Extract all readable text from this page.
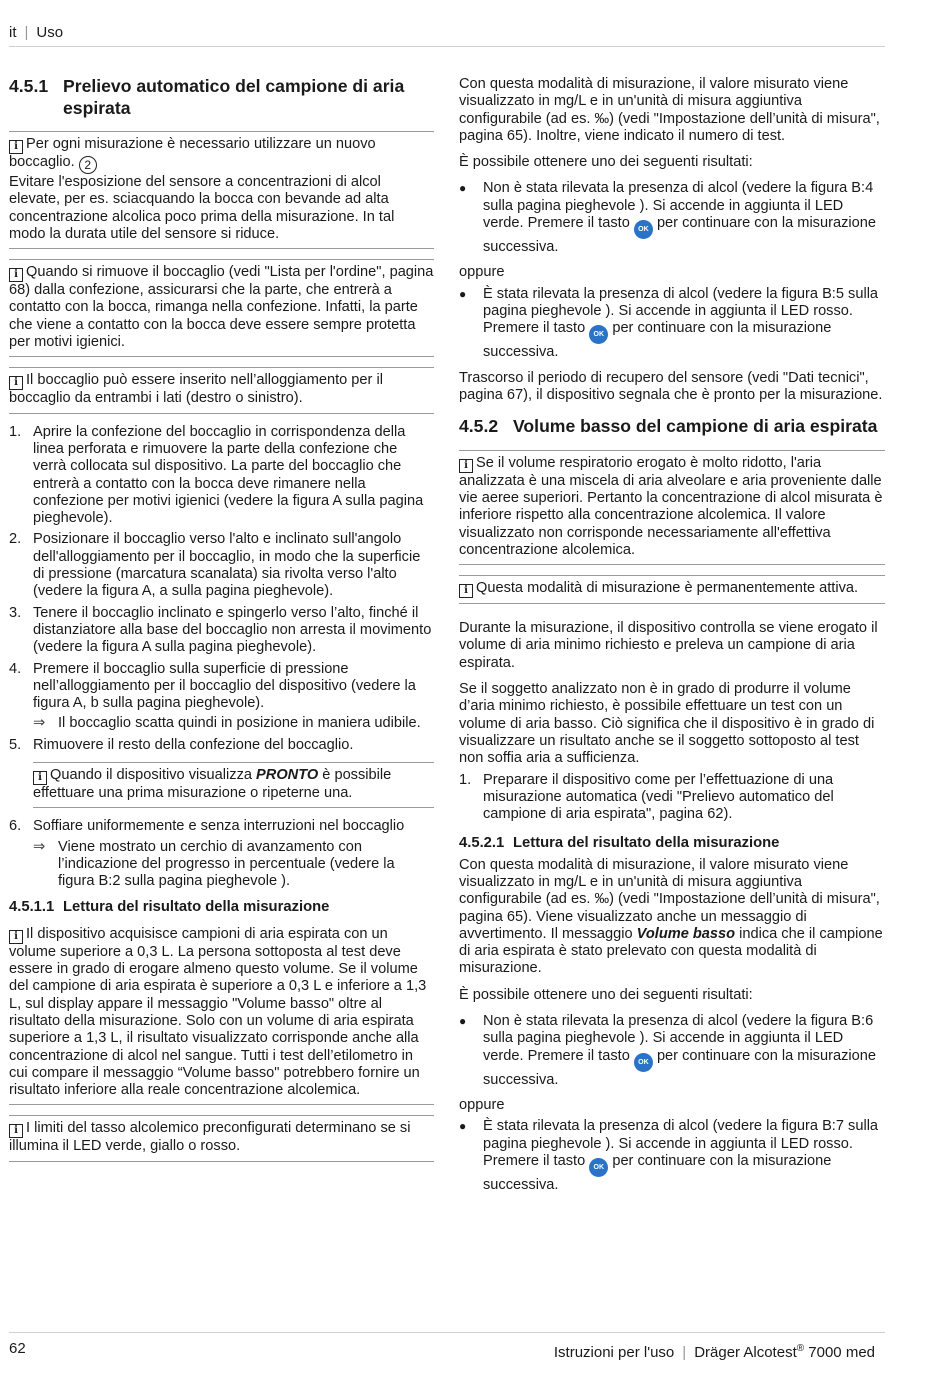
it | Uso
4.5.1 Prelievo automatico del campione di aria espirata
i Per ogni misurazione è necessario utilizzare un nuovo boccaglio. 2
Evitare l'esposizione del sensore a concentrazioni di alcol elevate, per es. sciacquando la bocca con bevande ad alta concentrazione alcolica poco prima della misurazione. In tal modo la durata utile del sensore si riduce.
i Quando si rimuove il boccaglio (vedi "Lista per l'ordine", pagina 68) dalla confezione, assicurarsi che la parte, che entrerà a contatto con la bocca, rimanga nella confezione. Infatti, la parte che viene a contatto con la bocca deve essere sempre protetta per motivi igienici.
i Il boccaglio può essere inserito nell’alloggiamento per il boccaglio da entrambi i lati (destro o sinistro).
1. Aprire la confezione del boccaglio in corrispondenza della linea perforata e rimuovere la parte della confezione che verrà collocata sul dispositivo. La parte del boccaglio che entrerà a contatto con la bocca deve rimanere nella confezione per motivi igienici (vedere la figura A sulla pagina pieghevole).
2. Posizionare il boccaglio verso l'alto e inclinato sull'angolo dell'alloggiamento per il boccaglio, in modo che la superficie di pressione (marcatura scanalata) sia rivolta verso l'alto (vedere la figura A, a sulla pagina pieghevole).
3. Tenere il boccaglio inclinato e spingerlo verso l’alto, finché il distanziatore alla base del boccaglio non arresta il movimento (vedere la figura A sulla pagina pieghevole).
4. Premere il boccaglio sulla superficie di pressione nell’alloggiamento per il boccaglio del dispositivo (vedere la figura A, b sulla pagina pieghevole).
⇒ Il boccaglio scatta quindi in posizione in maniera udibile.
5. Rimuovere il resto della confezione del boccaglio.
i Quando il dispositivo visualizza PRONTO è possibile effettuare una prima misurazione o ripeterne una.
6. Soffiare uniformemente e senza interruzioni nel boccaglio
⇒ Viene mostrato un cerchio di avanzamento con l’indicazione del progresso in percentuale (vedere la figura B:2 sulla pagina pieghevole ).
4.5.1.1 Lettura del risultato della misurazione
i Il dispositivo acquisisce campioni di aria espirata con un volume superiore a 0,3 L. La persona sottoposta al test deve essere in grado di erogare almeno questo volume. Se il volume del campione di aria espirata è superiore a 0,3 L e inferiore a 1,3 L, sul display appare il messaggio "Volume basso" oltre al risultato della misurazione. Solo con un volume di aria espirata superiore a 1,3 L, il risultato visualizzato corrisponde anche alla concentrazione di alcol nel sangue. Tutti i test dell’etilometro in cui compare il messaggio “Volume basso" potrebbero fornire un risultato inferiore alla reale concentrazione alcolemica.
i I limiti del tasso alcolemico preconfigurati determinano se si illumina il LED verde, giallo o rosso.

Con questa modalità di misurazione, il valore misurato viene visualizzato in mg/L e in un'unità di misura aggiuntiva configurabile (ad es. ‰) (vedi "Impostazione dell’unità di misura", pagina 65). Inoltre, viene indicato il numero di test.

È possibile ottenere uno dei seguenti risultati:

●	Non è stata rilevata la presenza di alcol (vedere la figura B:4 sulla pagina pieghevole ). Si accende in aggiunta il LED verde. Premere il tasto OK per continuare con la misurazione successiva.

oppure

●	È stata rilevata la presenza di alcol (vedere la figura B:5 sulla pagina pieghevole ). Si accende in aggiunta il LED rosso. Premere il tasto OK per continuare con la misurazione successiva.

Trascorso il periodo di recupero del sensore (vedi "Dati tecnici", pagina 67), il dispositivo segnala che è pronto per la misurazione.

4.5.2 Volume basso del campione di aria espirata
i Se il volume respiratorio erogato è molto ridotto, l'aria analizzata è una miscela di aria alveolare e aria proveniente dalle vie aeree superiori. Pertanto la concentrazione di alcol misurata è inferiore rispetto alla concentrazione alcolemica. Il valore visualizzato non corrisponde necessariamente all'effettiva concentrazione alcolemica.
i Questa modalità di misurazione è permanentemente attiva.

Durante la misurazione, il dispositivo controlla se viene erogato il volume di aria minimo richiesto e preleva un campione di aria espirata.

Se il soggetto analizzato non è in grado di produrre il volume d’aria minimo richiesto, è possibile effettuare un test con un volume di aria basso. Ciò significa che il dispositivo è in grado di visualizzare un risultato anche se il soggetto sottoposto al test non soffia aria a sufficienza.

1. Preparare il dispositivo come per l’effettuazione di una misurazione automatica (vedi "Prelievo automatico del campione di aria espirata", pagina 62).
4.5.2.1 Lettura del risultato della misurazione

Con questa modalità di misurazione, il valore misurato viene visualizzato in mg/L e in un'unità di misura aggiuntiva configurabile (ad es. ‰) (vedi "Impostazione dell’unità di misura", pagina 65). Viene visualizzato anche un messaggio di avvertimento. Il messaggio Volume basso indica che il campione di aria espirata è stato prelevato con questa modalità di misurazione.

È possibile ottenere uno dei seguenti risultati:

●	Non è stata rilevata la presenza di alcol (vedere la figura B:6 sulla pagina pieghevole ). Si accende in aggiunta il LED verde. Premere il tasto OK per continuare con la misurazione successiva.

oppure

●	È stata rilevata la presenza di alcol (vedere la figura B:7 sulla pagina pieghevole ). Si accende in aggiunta il LED rosso. Premere il tasto OK per continuare con la misurazione successiva.
62	Istruzioni per l'uso | Dräger Alcotest® 7000 med
